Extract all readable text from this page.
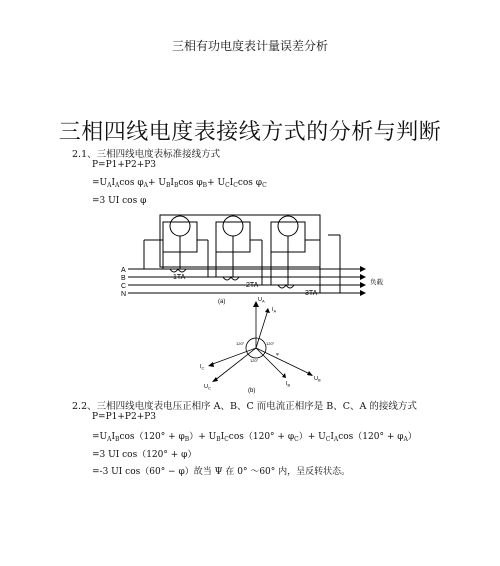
三相有功电度表计量误差分析
三相四线电度表接线方式的分析与判断
2.1、三相四线电度表标准接线方式
P=P1+P2+P3
$=U_AI_A\cos$ $\varphi_A+ U_BI_B\cos$ $\varphi_B+ U_CI_C\cos$ $\varphi_C$
=3 UI cos φ
A
B
C
N
1TA
2TA
3TA
负载
(a)	$U_A$
$I_A$
$U_B$
$I_B$
$U_C$
$I_C$
120°	120°
120°
φ
(b)
2.2、三相四线电度表电压正相序 A、B、C 而电流正相序是 B、C、A 的接线方式
P=P1+P2+P3
$=U_AI_B\cos(120^\circ + \varphi_B)+ U_BI_C\cos(120^\circ + \varphi_C)+ U_CI_A\cos(120^\circ + \varphi_A)$
=3 UI cos（120° + φ）
=-3 UI cos（60° − φ）故当 Ψ 在 0° ～60° 内，呈反转状态。
